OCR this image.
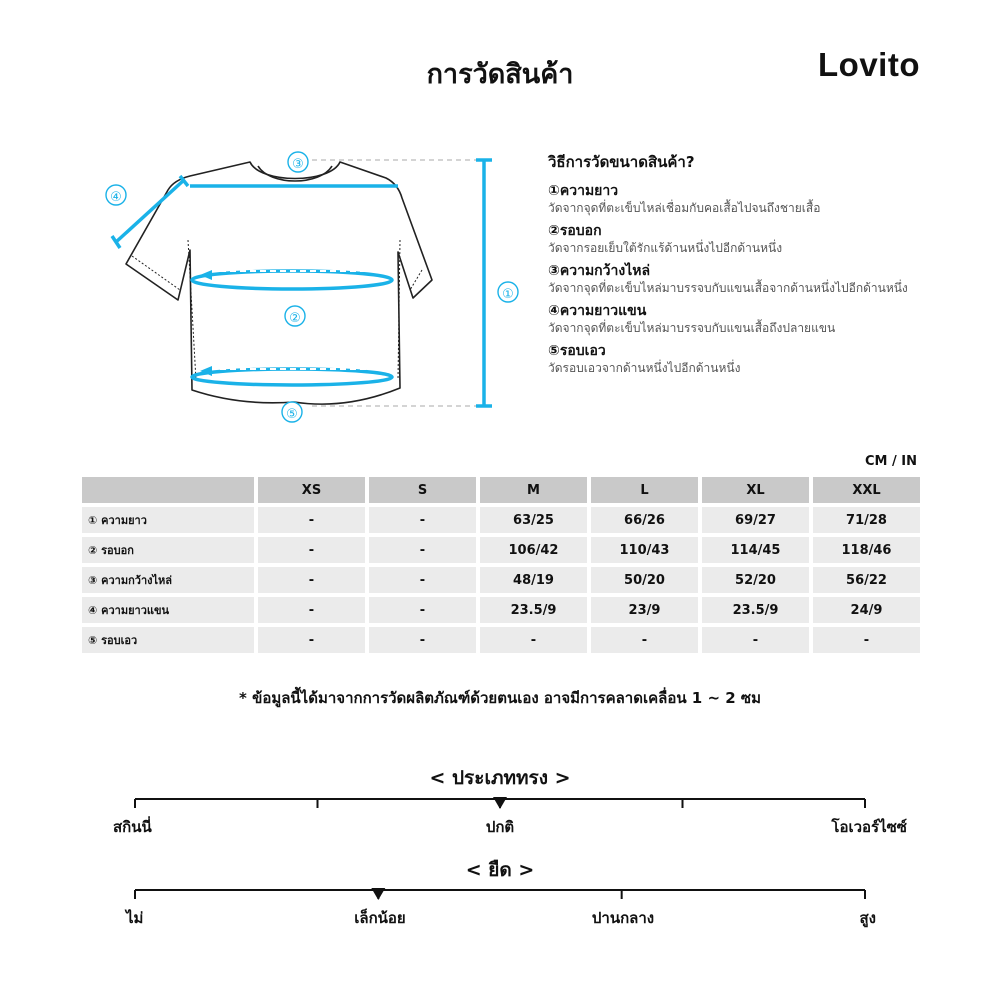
การวัดสินค้า	Lovito
①
②
③
④
⑤
วิธีการวัดขนาดสินค้า?
①ความยาว
วัดจากจุดที่ตะเข็บไหล่เชื่อมกับคอเสื้อไปจนถึงชายเสื้อ
②รอบอก
วัดจากรอยเย็บใต้รักแร้ด้านหนึ่งไปอีกด้านหนึ่ง
③ความกว้างไหล่
วัดจากจุดที่ตะเข็บไหล่มาบรรจบกับแขนเสื้อจากด้านหนึ่งไปอีกด้านหนึ่ง
④ความยาวแขน
วัดจากจุดที่ตะเข็บไหล่มาบรรจบกับแขนเสื้อถึงปลายแขน
⑤รอบเอว
วัดรอบเอวจากด้านหนึ่งไปอีกด้านหนึ่ง
CM / IN
	XS	S	M	L	XL	XXL
① ความยาว	-	-	63/25	66/26	69/27	71/28
② รอบอก	-	-	106/42	110/43	114/45	118/46
③ ความกว้างไหล่	-	-	48/19	50/20	52/20	56/22
④ ความยาวแขน	-	-	23.5/9	23/9	23.5/9	24/9
⑤ รอบเอว	-	-	-	-	-	-
* ข้อมูลนี้ได้มาจากการวัดผลิตภัณฑ์ด้วยตนเอง อาจมีการคลาดเคลื่อน 1 ~ 2 ซม
< ประเภททรง >
< ยืด >
สกินนี่	ปกติ	โอเวอร์ไซซ์
ไม่	เล็กน้อย	ปานกลาง	สูง
